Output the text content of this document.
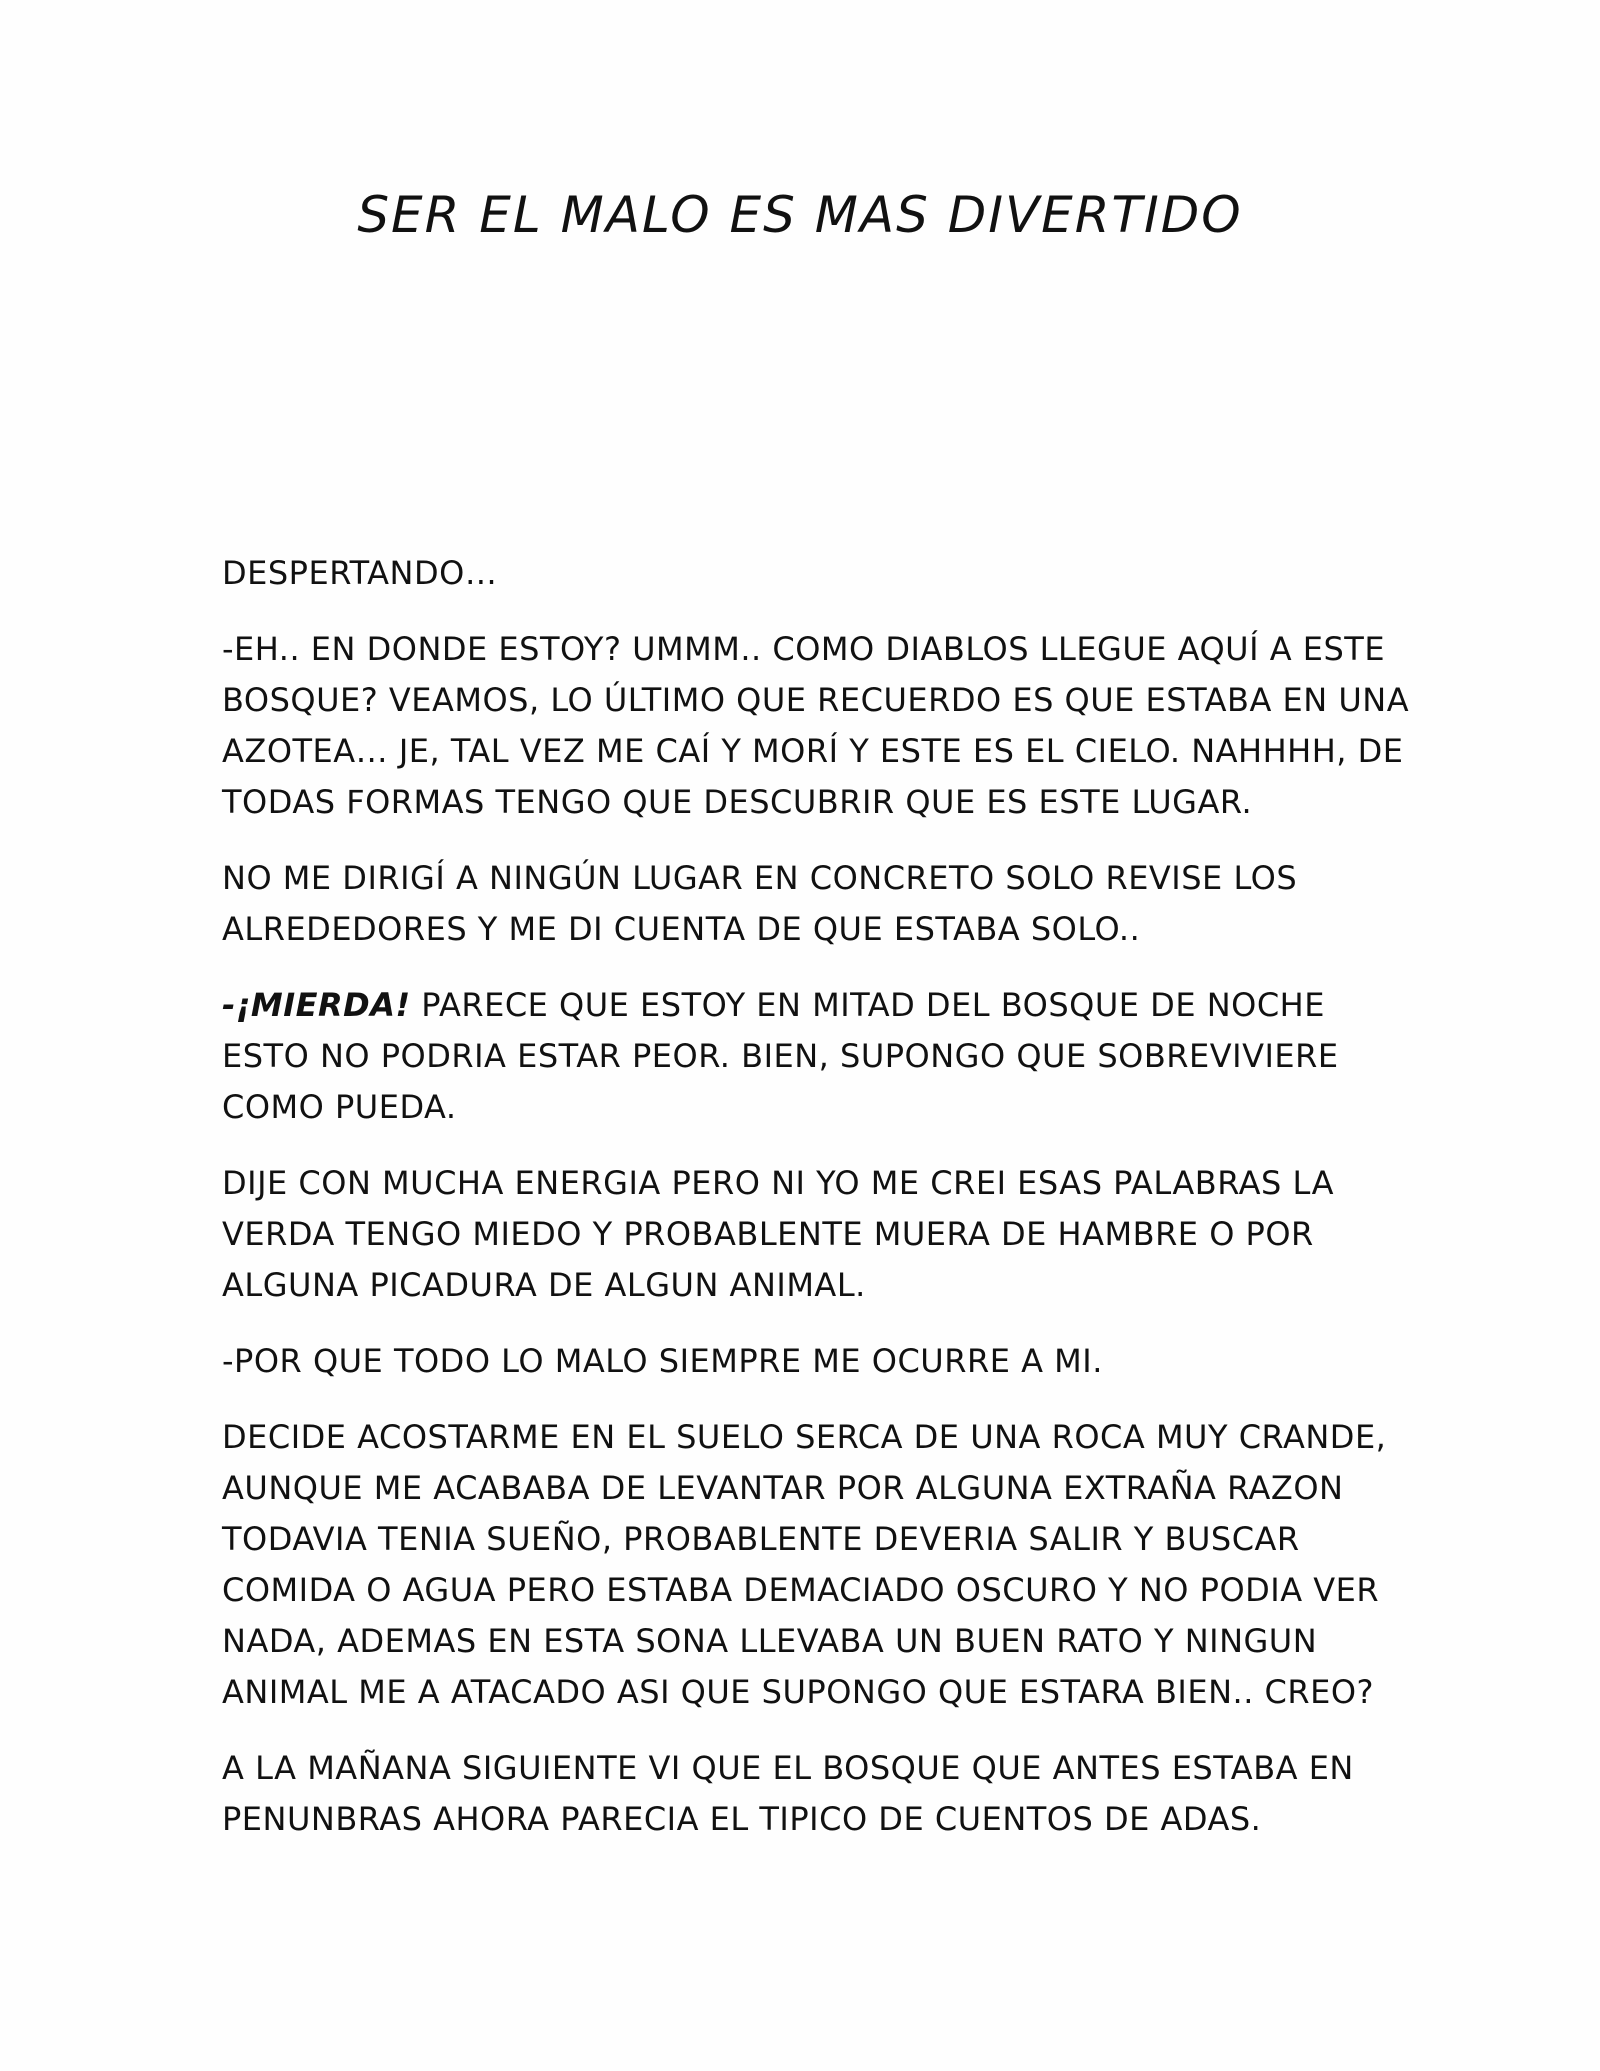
SER EL MALO ES MAS DIVERTIDO

DESPERTANDO…

-EH.. EN DONDE ESTOY? UMMM.. COMO DIABLOS LLEGUE AQUÍ A ESTE BOSQUE? VEAMOS, LO ÚLTIMO QUE RECUERDO ES QUE ESTABA EN UNA AZOTEA… JE, TAL VEZ ME CAÍ Y MORÍ Y ESTE ES EL CIELO. NAHHHH, DE TODAS FORMAS TENGO QUE DESCUBRIR QUE ES ESTE LUGAR.

NO ME DIRIGÍ A NINGÚN LUGAR EN CONCRETO SOLO REVISE LOS ALREDEDORES Y ME DI CUENTA DE QUE ESTABA SOLO..

-¡MIERDA! PARECE QUE ESTOY EN MITAD DEL BOSQUE DE NOCHE ESTO NO PODRIA ESTAR PEOR. BIEN, SUPONGO QUE SOBREVIVIERE COMO PUEDA.

DIJE CON MUCHA ENERGIA PERO NI YO ME CREI ESAS PALABRAS LA VERDA TENGO MIEDO Y PROBABLENTE MUERA DE HAMBRE O POR ALGUNA PICADURA DE ALGUN ANIMAL.

-POR QUE TODO LO MALO SIEMPRE ME OCURRE A MI.

DECIDE ACOSTARME EN EL SUELO SERCA DE UNA ROCA MUY CRANDE, AUNQUE ME ACABABA DE LEVANTAR POR ALGUNA EXTRAÑA RAZON TODAVIA TENIA SUEÑO, PROBABLENTE DEVERIA SALIR Y BUSCAR COMIDA O AGUA PERO ESTABA DEMACIADO OSCURO Y NO PODIA VER NADA, ADEMAS EN ESTA SONA LLEVABA UN BUEN RATO Y NINGUN ANIMAL ME A ATACADO ASI QUE SUPONGO QUE ESTARA BIEN.. CREO?

A LA MAÑANA SIGUIENTE VI QUE EL BOSQUE QUE ANTES ESTABA EN PENUNBRAS AHORA PARECIA EL TIPICO DE CUENTOS DE ADAS.
